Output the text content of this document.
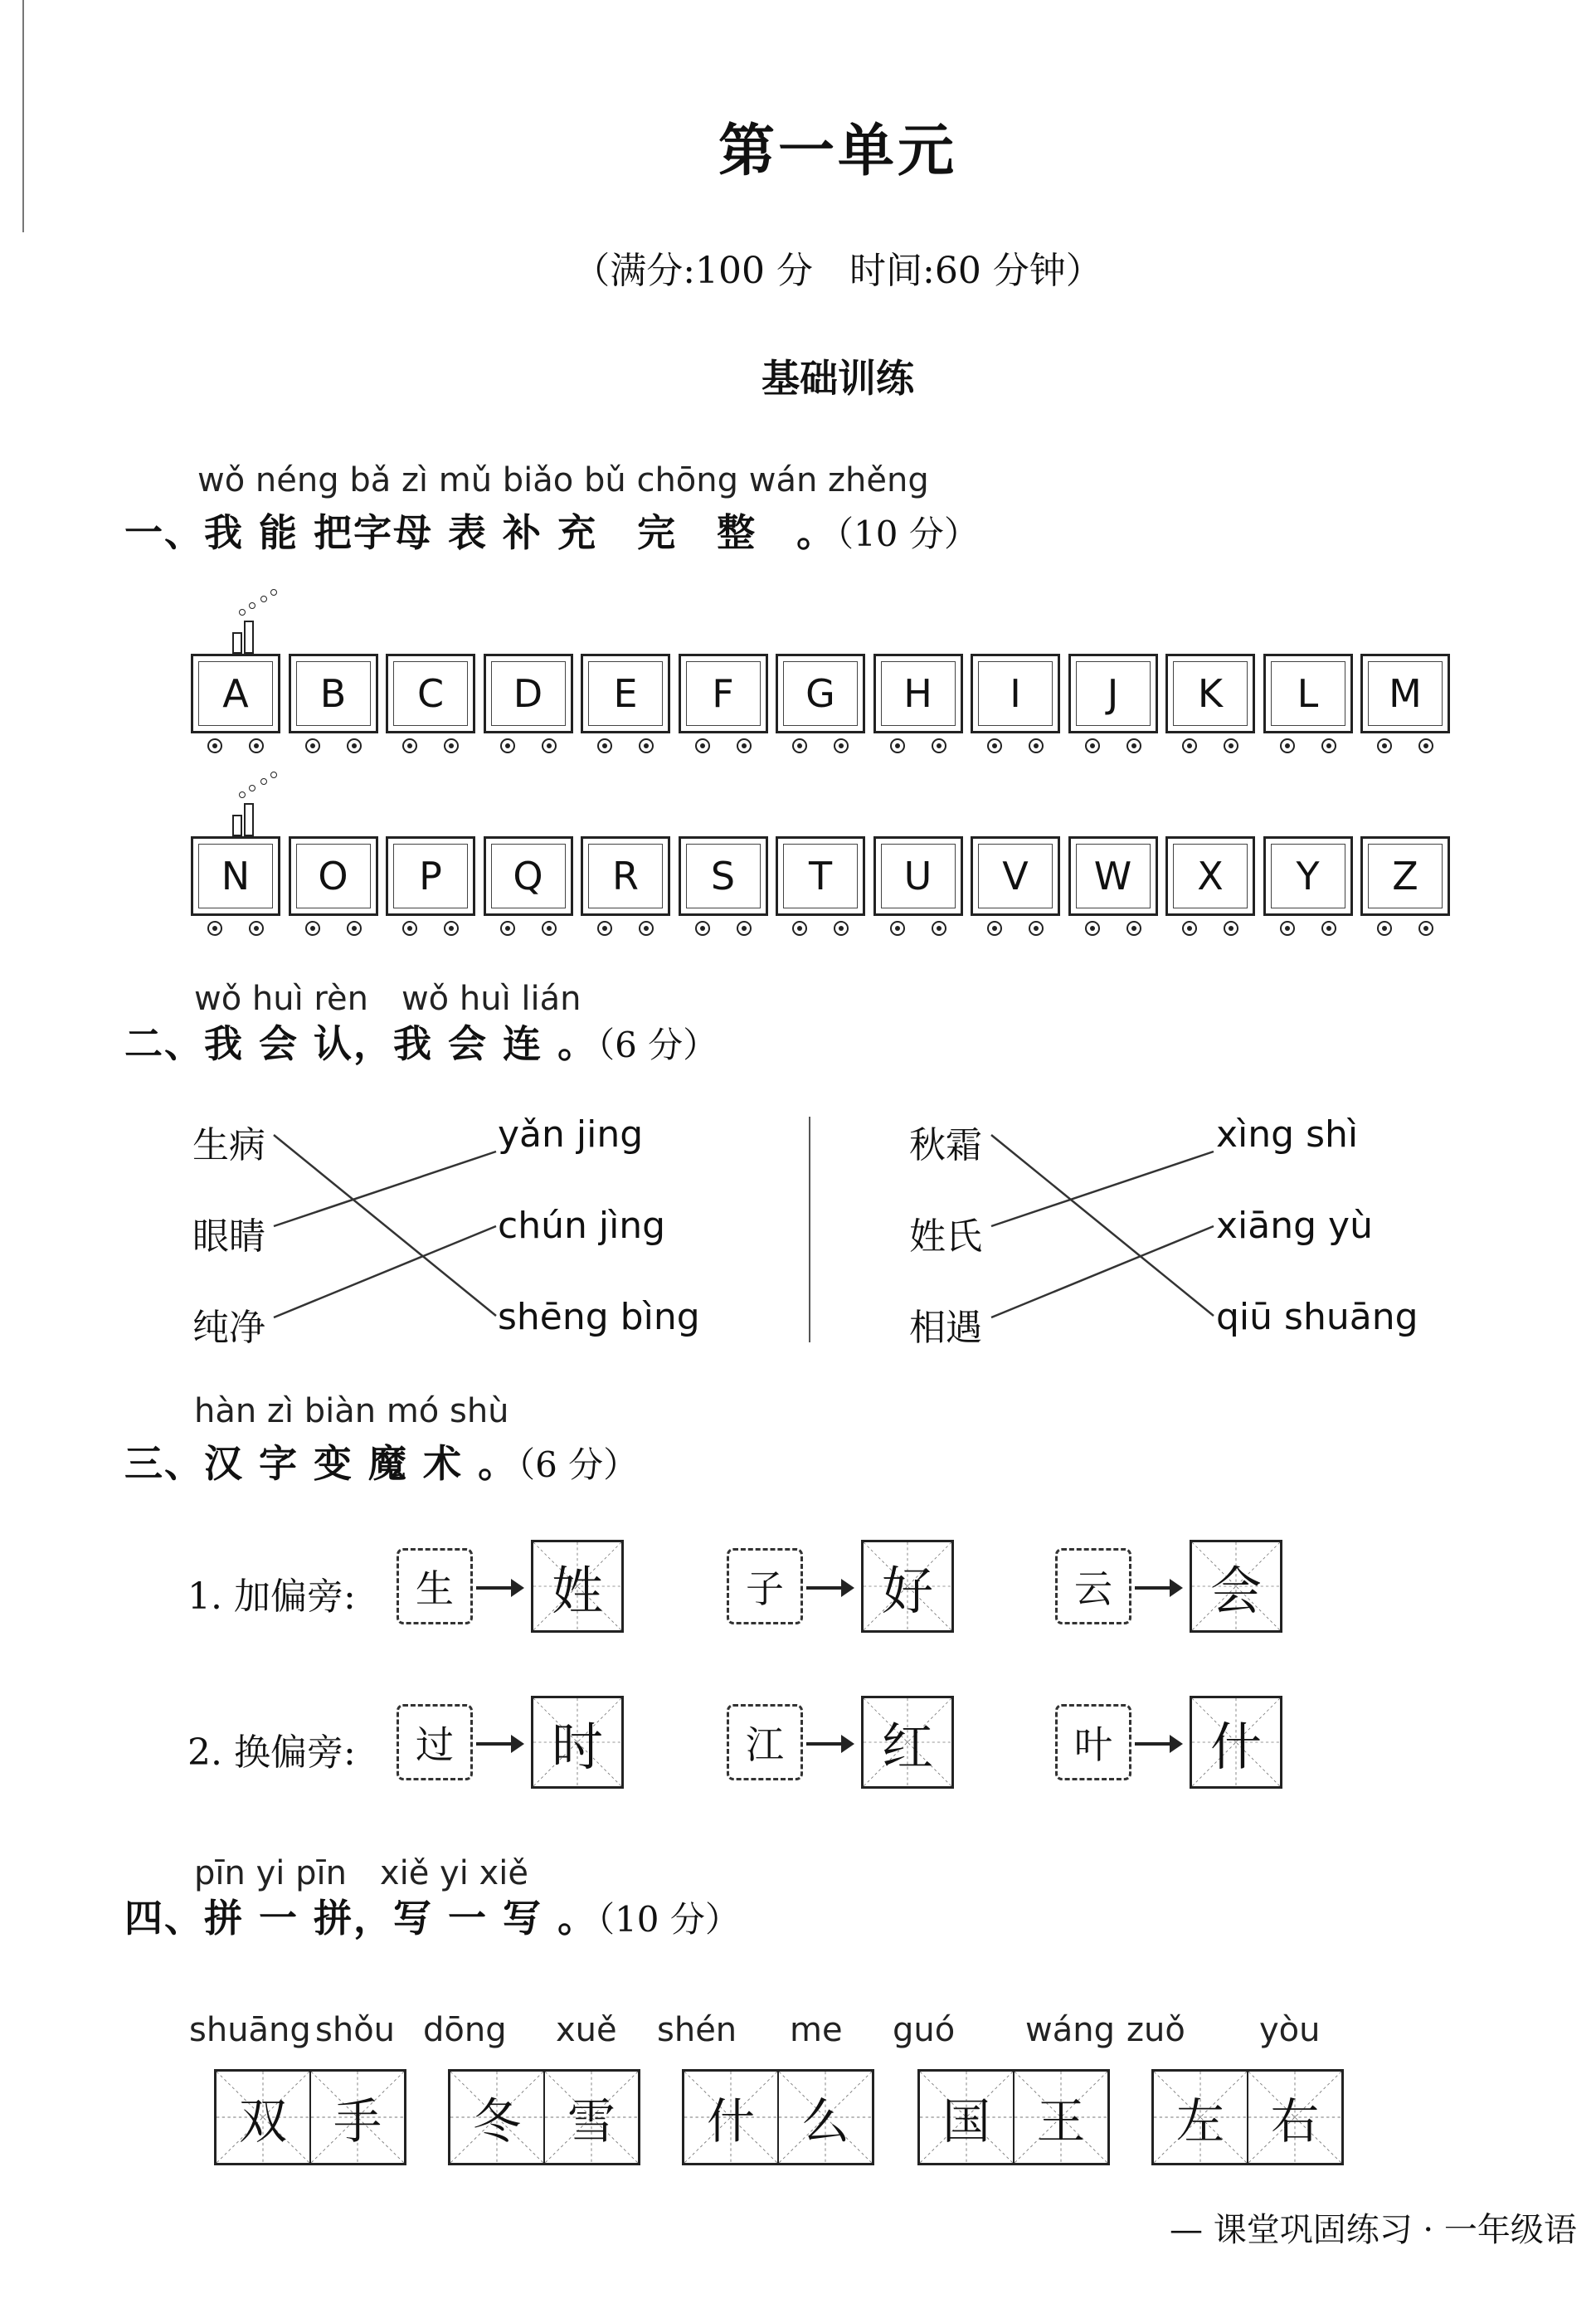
第一单元
（满分:100 分　时间:60 分钟）
基础训练
wǒ néng bǎ zì mǔ biǎo bǔ chōng wán zhěng
一、我 能 把字母 表 补 充　完　整　。（10 分）
A	B	C	D	E	F	G	H	I	J	K	L	M
N	O	P	Q	R	S	T	U	V	W	X	Y	Z
wǒ huì rèn　wǒ huì lián
二、我 会 认，我 会 连 。（6 分）
生病
眼睛
纯净
yǎn jing
chún jìng
shēng bìng
秋霜
姓氏
相遇
xìng shì
xiāng yù
qiū shuāng
hàn zì biàn mó shù
三、汉 字 变 魔 术 。（6 分）
1. 加偏旁:
2. 换偏旁:
生	姓	子	好	云	会
过	时	江	红	叶	什
pīn yi pīn　xiě yi xiě
四、拼 一 拼，写 一 写 。（10 分）
shuāng shǒu
双 手
dōng xuě
冬 雪
shén me
什 么
guó wáng
国 王
zuǒ yòu
左 右
— 课堂巩固练习 · 一年级语
